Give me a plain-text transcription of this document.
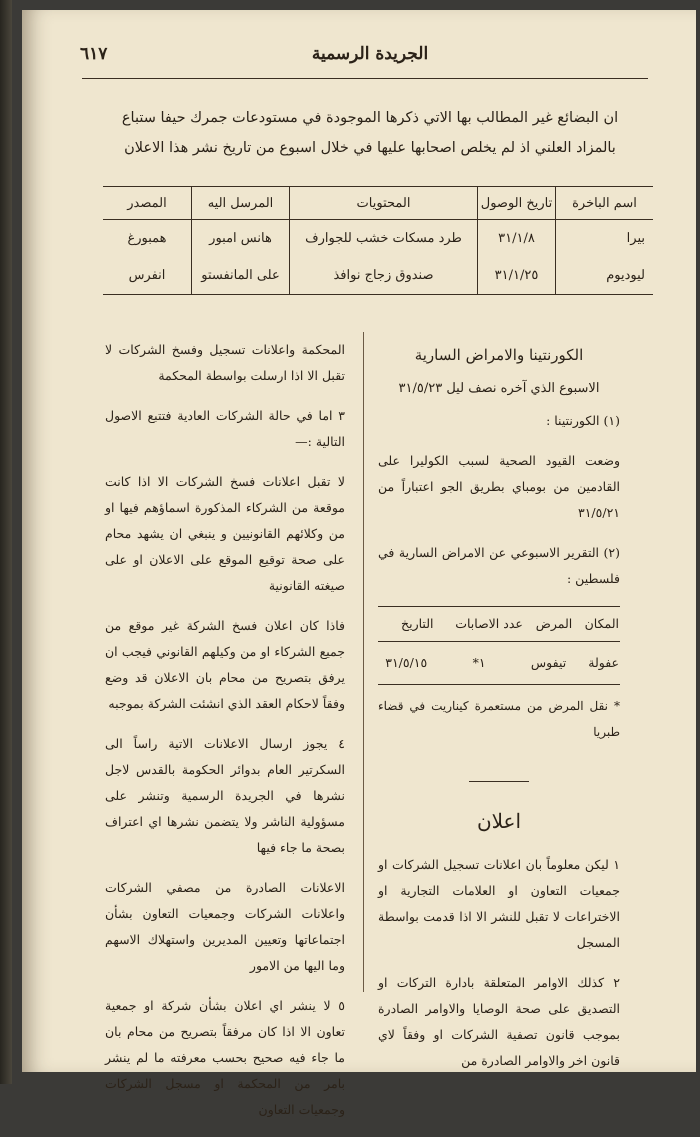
الجريدة الرسمية
٦١٧
ان البضائع غير المطالب بها الاتي ذكرها الموجودة في مستودعات جمرك حيفا ستباع
بالمزاد العلني اذ لم يخلص اصحابها عليها في خلال اسبوع من تاريخ نشر هذا الاعلان
اسم الباخرة	تاريخ الوصول	المحتويات	المرسل اليه	المصدر
بيرا	٣١/١/٨	طرد مسكات خشب للجوارف	هانس امبور	همبورغ
ليوديوم	٣١/١/٢٥	صندوق زجاج نوافذ	على المانفستو	انفرس
الكورنتينا والامراض السارية
الاسبوع الذي آخره نصف ليل ٣١/٥/٢٣

(١) الكورنتينا :

وضعت القيود الصحية لسبب الكوليرا على القادمين من بومباي بطريق الجو اعتباراً من ٣١/٥/٢١

(٢) التقرير الاسبوعي عن الامراض السارية في فلسطين :

المكان	المرض	عدد الاصابات	التاريخ
عفولة	تيفوس	١*	٣١/٥/١٥
* نقل المرض من مستعمرة كيناريت في قضاء طبريا
اعلان

١ ليكن معلوماً بان اعلانات تسجيل الشركات او جمعيات التعاون او العلامات التجارية او الاختراعات لا تقبل للنشر الا اذا قدمت بواسطة المسجل

٢ كذلك الاوامر المتعلقة بادارة التركات او التصديق على صحة الوصايا والاوامر الصادرة بموجب قانون تصفية الشركات او وفقاً لاي قانون اخر والاوامر الصادرة من

المحكمة واعلانات تسجيل وفسخ الشركات لا تقبل الا اذا ارسلت بواسطة المحكمة

٣ اما في حالة الشركات العادية فتتبع الاصول التالية :—

لا تقبل اعلانات فسخ الشركات الا اذا كانت موقعة من الشركاء المذكورة اسماؤهم فيها او من وكلائهم القانونيين و ينبغي ان يشهد محام على صحة توقيع الموقع على الاعلان او على صيغته القانونية

فاذا كان اعلان فسخ الشركة غير موقع من جميع الشركاء او من وكيلهم القانوني فيجب ان يرفق بتصريح من محام بان الاعلان قد وضع وفقاً لاحكام العقد الذي انشئت الشركة بموجبه

٤ يجوز ارسال الاعلانات الاتية راساً الى السكرتير العام بدوائر الحكومة بالقدس لاجل نشرها في الجريدة الرسمية وتنشر على مسؤولية الناشر ولا يتضمن نشرها اي اعتراف بصحة ما جاء فيها

الاعلانات الصادرة من مصفي الشركات واعلانات الشركات وجمعيات التعاون بشأن اجتماعاتها وتعيين المديرين واستهلاك الاسهم وما اليها من الامور

٥ لا ينشر اي اعلان بشأن شركة او جمعية تعاون الا اذا كان مرفقاً بتصريح من محام بان ما جاء فيه صحيح بحسب معرفته ما لم ينشر بامر من المحكمة او مسجل الشركات وجمعيات التعاون
